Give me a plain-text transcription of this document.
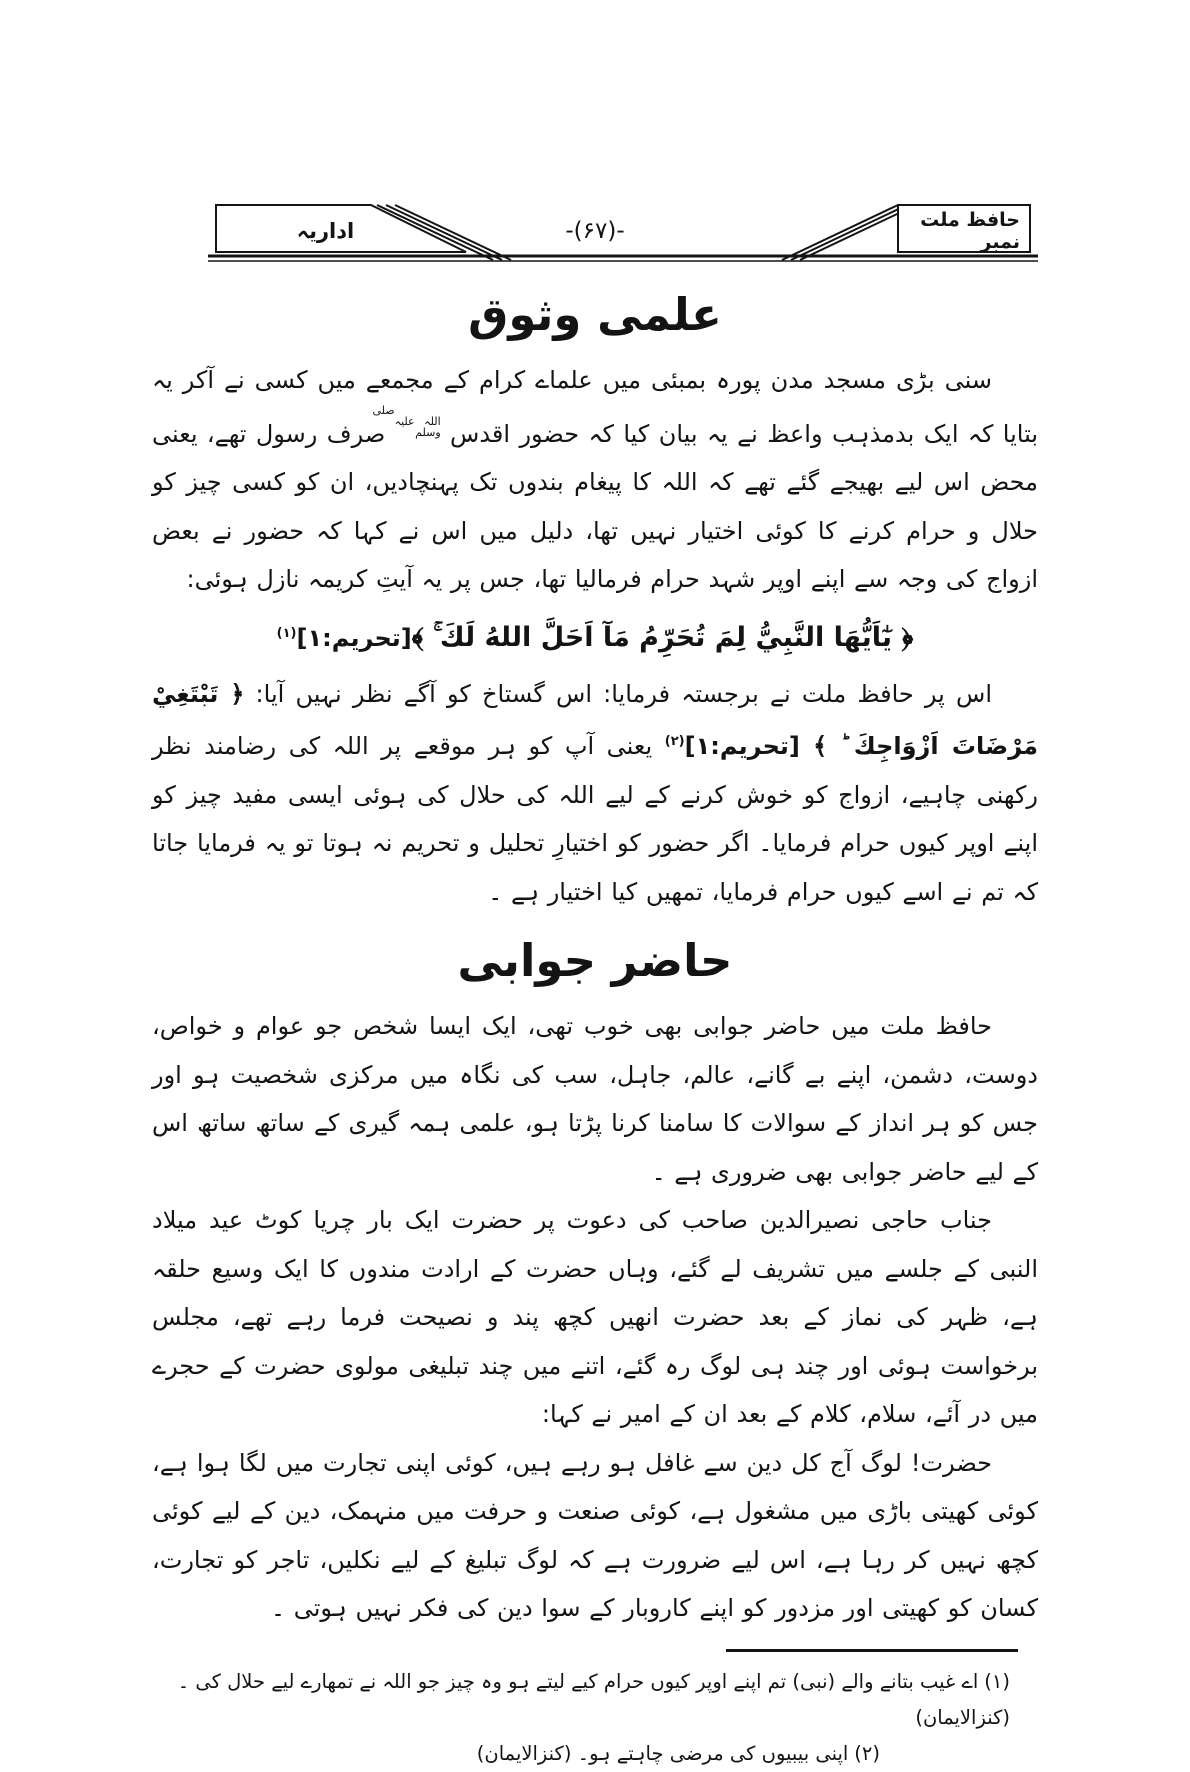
اداریہ	-(۶۷)-	حافظ ملت نمبر
علمی وثوق

سنی بڑی مسجد مدن پورہ بمبئی میں علماے کرام کے مجمعے میں کسی نے آکر یہ بتایا کہ ایک بدمذہب واعظ نے یہ بیان کیا کہ حضور اقدس صلی اللہ علیہ وسلم صرف رسول تھے، یعنی محض اس لیے بھیجے گئے تھے کہ اللہ کا پیغام بندوں تک پہنچادیں، ان کو کسی چیز کو حلال و حرام کرنے کا کوئی اختیار نہیں تھا، دلیل میں اس نے کہا کہ حضور نے بعض ازواج کی وجہ سے اپنے اوپر شہد حرام فرمالیا تھا، جس پر یہ آیتِ کریمہ نازل ہوئی:

﴿ يٰٓاَيُّهَا النَّبِيُّ لِمَ تُحَرِّمُ مَآ اَحَلَّ اللهُ لَكَ ۚ ﴾[تحریم:۱]$^{(۱)}$

اس پر حافظ ملت نے برجستہ فرمایا: اس گستاخ کو آگے نظر نہیں آیا: ﴿ تَبْتَغِيْ مَرْضَاتَ اَزْوَاجِكَ ؕ ﴾ [تحریم:۱]$^{(۲)}$ یعنی آپ کو ہر موقعے پر اللہ کی رضامند نظر رکھنی چاہیے، ازواج کو خوش کرنے کے لیے اللہ کی حلال کی ہوئی ایسی مفید چیز کو اپنے اوپر کیوں حرام فرمایا۔ اگر حضور کو اختیارِ تحلیل و تحریم نہ ہوتا تو یہ فرمایا جاتا کہ تم نے اسے کیوں حرام فرمایا، تمھیں کیا اختیار ہے ۔

حاضر جوابی

حافظ ملت میں حاضر جوابی بھی خوب تھی، ایک ایسا شخص جو عوام و خواص، دوست، دشمن، اپنے بے گانے، عالم، جاہل، سب کی نگاہ میں مرکزی شخصیت ہو اور جس کو ہر انداز کے سوالات کا سامنا کرنا پڑتا ہو، علمی ہمہ گیری کے ساتھ ساتھ اس کے لیے حاضر جوابی بھی ضروری ہے ۔

جناب حاجی نصیرالدین صاحب کی دعوت پر حضرت ایک بار چریا کوٹ عید میلاد النبی کے جلسے میں تشریف لے گئے، وہاں حضرت کے ارادت مندوں کا ایک وسیع حلقہ ہے، ظہر کی نماز کے بعد حضرت انھیں کچھ پند و نصیحت فرما رہے تھے، مجلس برخواست ہوئی اور چند ہی لوگ رہ گئے، اتنے میں چند تبلیغی مولوی حضرت کے حجرے میں در آئے، سلام، کلام کے بعد ان کے امیر نے کہا:

حضرت! لوگ آج کل دین سے غافل ہو رہے ہیں، کوئی اپنی تجارت میں لگا ہوا ہے، کوئی کھیتی باڑی میں مشغول ہے، کوئی صنعت و حرفت میں منہمک، دین کے لیے کوئی کچھ نہیں کر رہا ہے، اس لیے ضرورت ہے کہ لوگ تبلیغ کے لیے نکلیں، تاجر کو تجارت، کسان کو کھیتی اور مزدور کو اپنے کاروبار کے سوا دین کی فکر نہیں ہوتی ۔

(۱)اے غیب بتانے والے (نبی) تم اپنے اوپر کیوں حرام کیے لیتے ہو وہ چیز جو اللہ نے تمھارے لیے حلال کی ۔ (کنزالایمان)

(۲)اپنی بیبیوں کی مرضی چاہتے ہو۔ (کنزالایمان)
